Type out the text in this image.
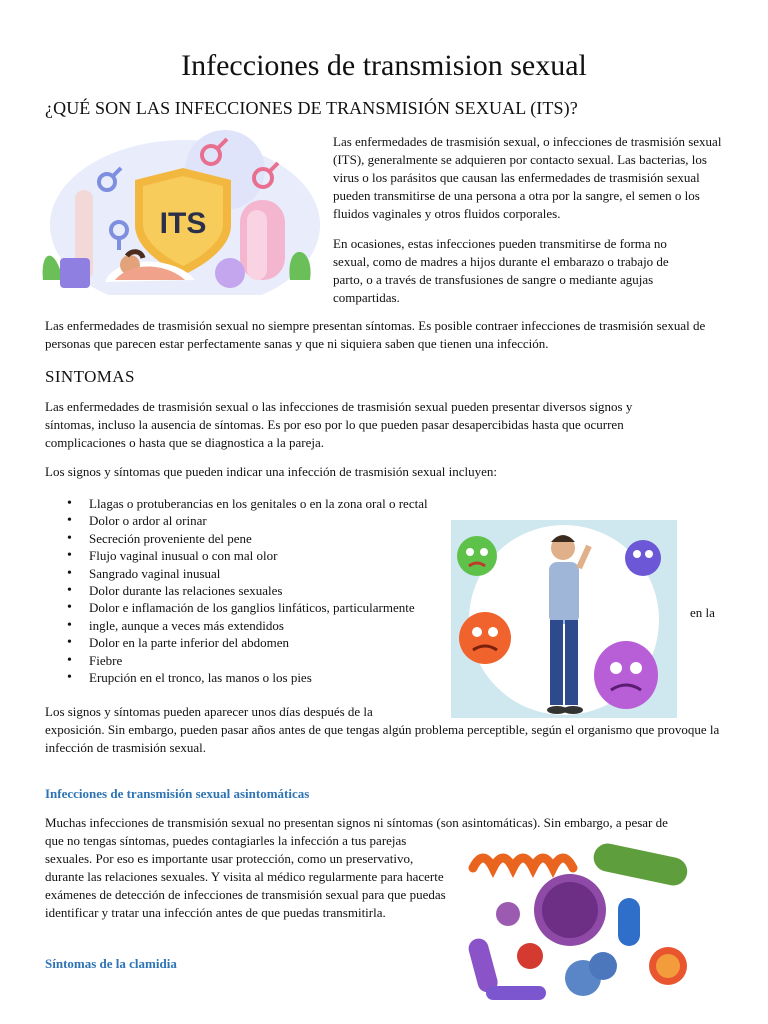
Infecciones de transmision sexual
¿QUÉ SON LAS INFECCIONES DE TRANSMISIÓN SEXUAL (ITS)?
ITS

Las enfermedades de trasmisión sexual, o infecciones de trasmisión sexual (ITS), generalmente se adquieren por contacto sexual. Las bacterias, los virus o los parásitos que causan las enfermedades de trasmisión sexual pueden transmitirse de una persona a otra por la sangre, el semen o los fluidos vaginales y otros fluidos corporales.

En ocasiones, estas infecciones pueden transmitirse de forma no sexual, como de madres a hijos durante el embarazo o trabajo de parto, o a través de transfusiones de sangre o mediante agujas compartidas.

Las enfermedades de trasmisión sexual no siempre presentan síntomas. Es posible contraer infecciones de trasmisión sexual de personas que parecen estar perfectamente sanas y que ni siquiera saben que tienen una infección.

SINTOMAS

Las enfermedades de trasmisión sexual o las infecciones de trasmisión sexual pueden presentar diversos signos y síntomas, incluso la ausencia de síntomas. Es por eso por lo que pueden pasar desapercibidas hasta que ocurren complicaciones o hasta que se diagnostica a la pareja.

Los signos y síntomas que pueden indicar una infección de trasmisión sexual incluyen:

• Llagas o protuberancias en los genitales o en la zona oral o rectal
• Dolor o ardor al orinar
• Secreción proveniente del pene
• Flujo vaginal inusual o con mal olor
• Sangrado vaginal inusual
• Dolor durante las relaciones sexuales
• Dolor e inflamación de los ganglios linfáticos, particularmente
• ingle, aunque a veces más extendidos
• Dolor en la parte inferior del abdomen
• Fiebre
• Erupción en el tronco, las manos o los pies
en la

Los signos y síntomas pueden aparecer unos días después de la

exposición. Sin embargo, pueden pasar años antes de que tengas algún problema perceptible, según el organismo que provoque la infección de trasmisión sexual.

Infecciones de transmisión sexual asintomáticas

Muchas infecciones de transmisión sexual no presentan signos ni síntomas (son asintomáticas). Sin embargo, a pesar de

que no tengas síntomas, puedes contagiarles la infección a tus parejas sexuales. Por eso es importante usar protección, como un preservativo, durante las relaciones sexuales. Y visita al médico regularmente para hacerte exámenes de detección de infecciones de transmisión sexual para que puedas identificar y tratar una infección antes de que puedas transmitirla.

Síntomas de la clamidia
